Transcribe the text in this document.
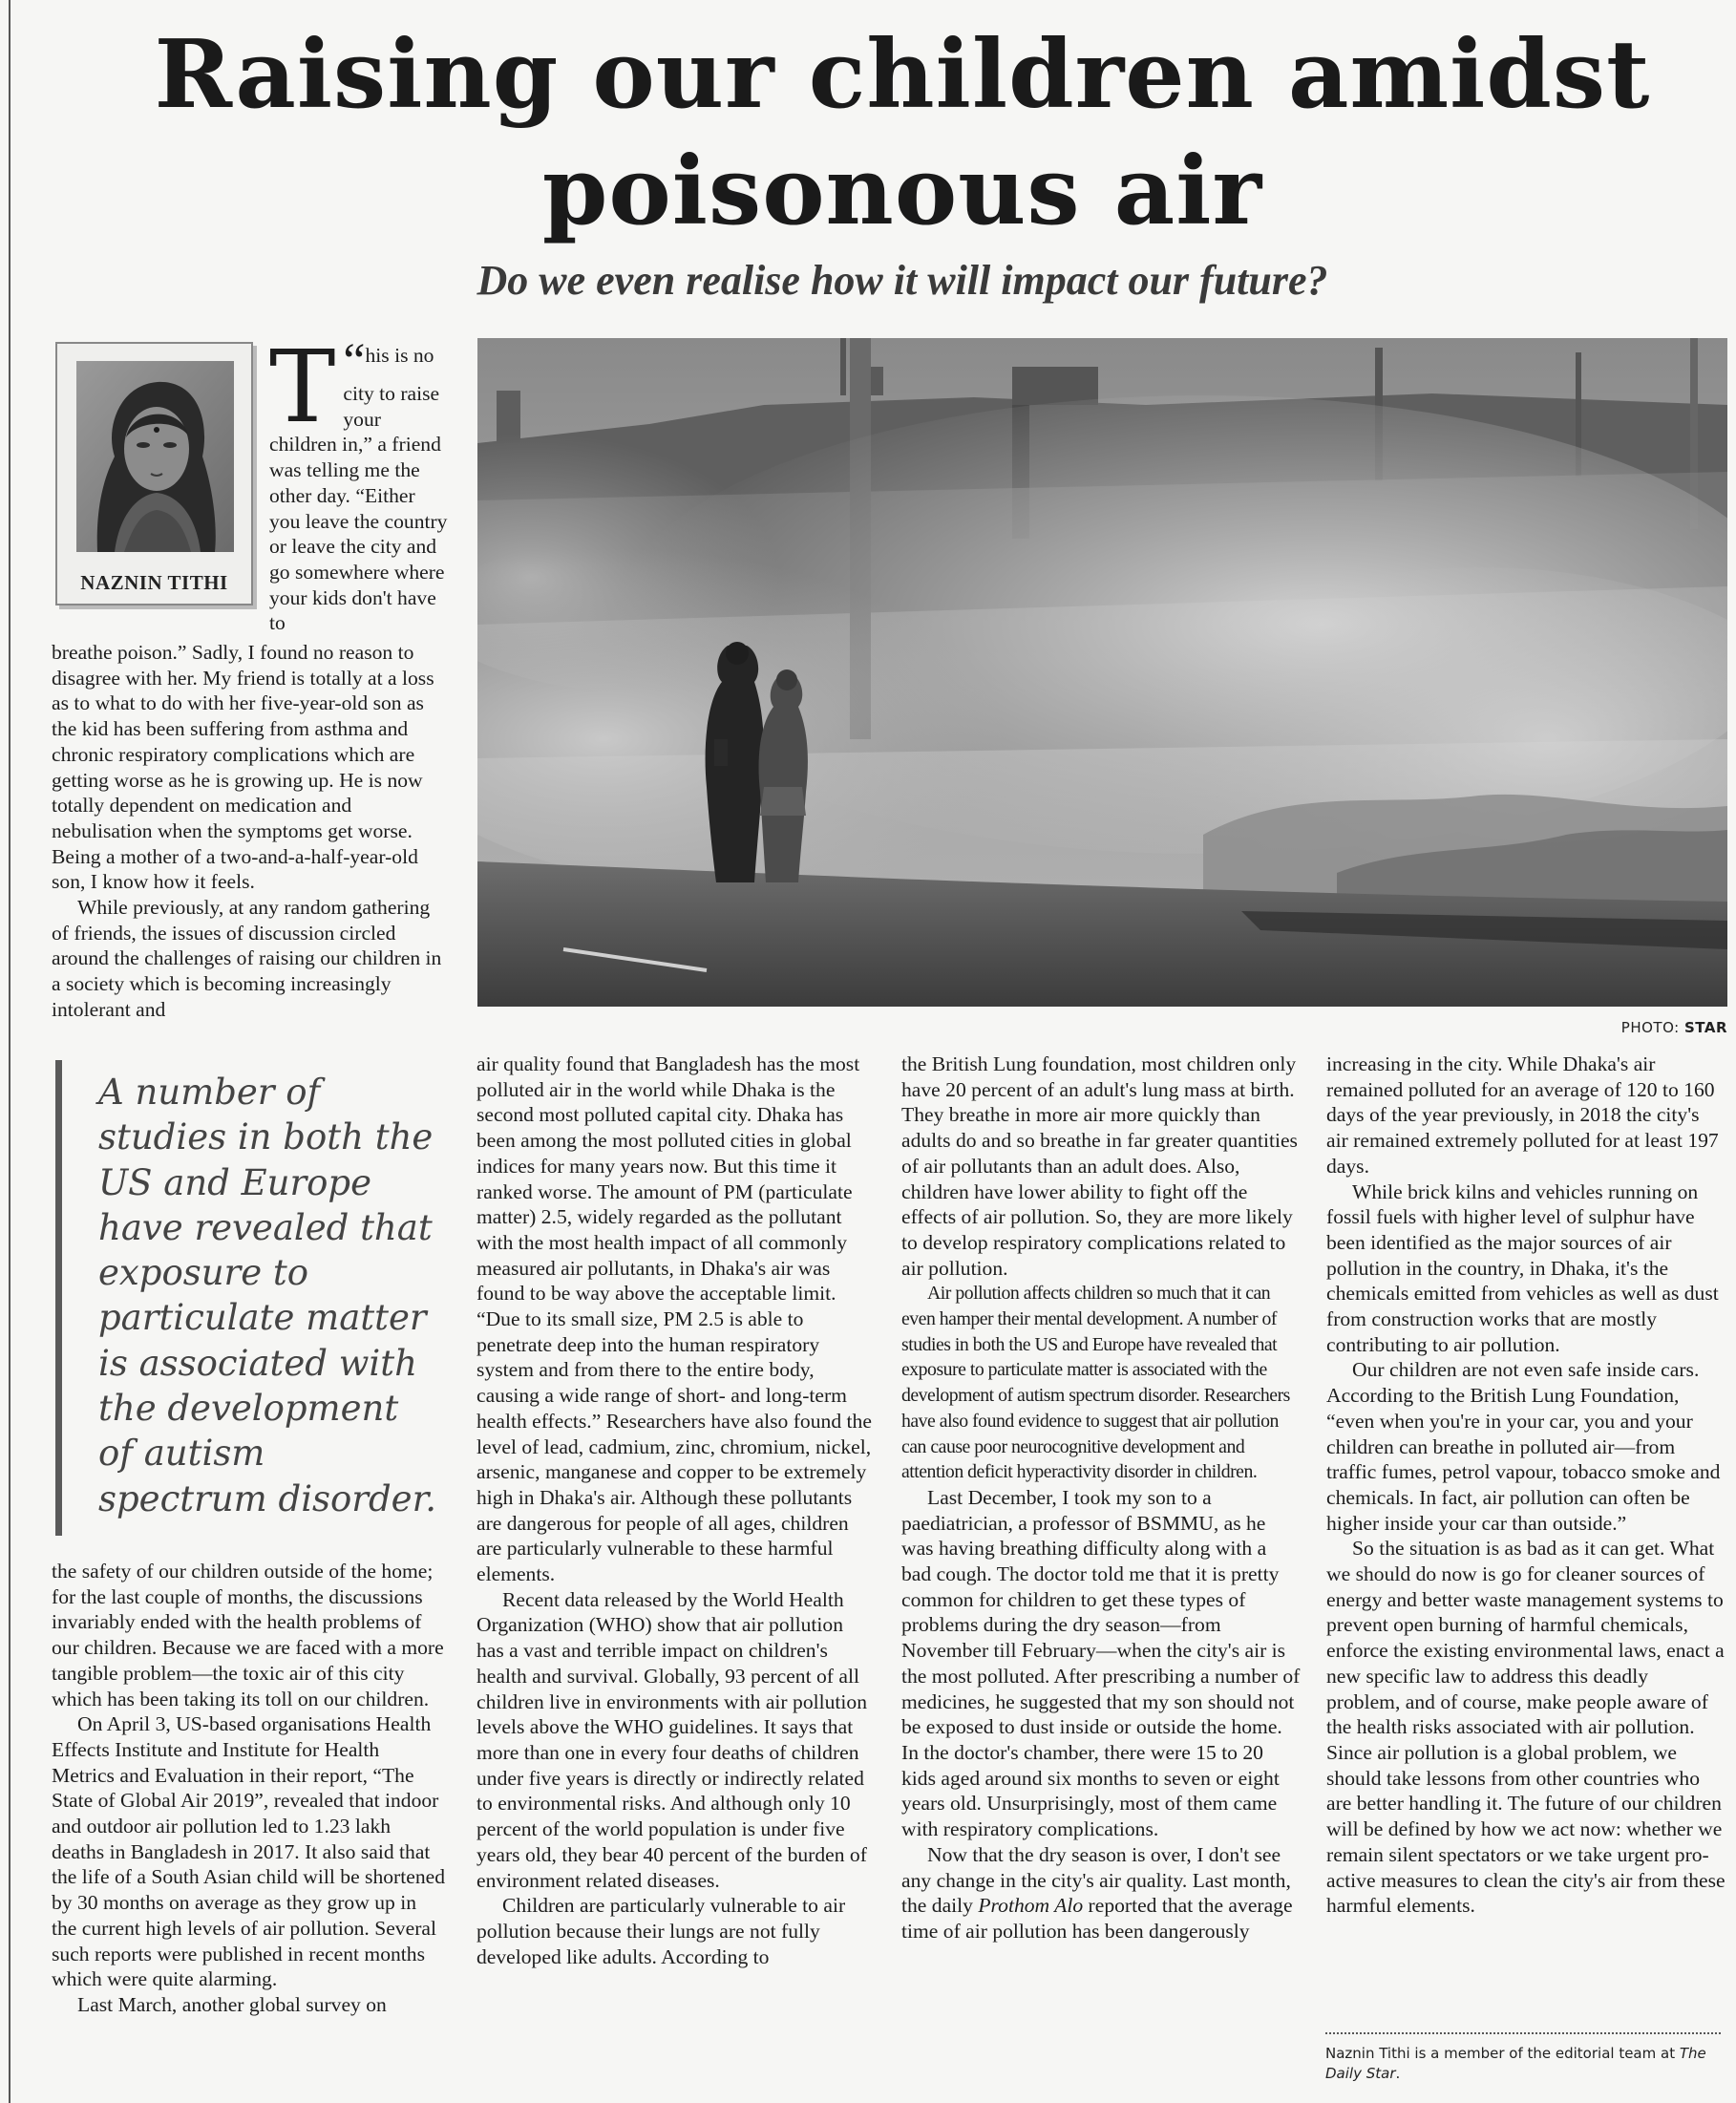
Raising our children amidst
poisonous air
Do we even realise how it will impact our future?
NAZNIN TITHI
“
T his is no city to raise your children in,” a friend was telling me the other day. “Either you leave the country or leave the city and go somewhere where your kids don't have to

breathe poison.” Sadly, I found no reason to disagree with her. My friend is totally at a loss as to what to do with her five-year-old son as the kid has been suffering from asthma and chronic respiratory complications which are getting worse as he is growing up. He is now totally dependent on medication and nebulisation when the symptoms get worse. Being a mother of a two-and-a-half-year-old son, I know how it feels.

While previously, at any random gathering of friends, the issues of discussion circled around the challenges of raising our children in a society which is becoming increasingly intolerant and

PHOTO: STAR
A number of studies in both the US and Europe have revealed that exposure to particulate matter is associated with the development of autism spectrum disorder.

the safety of our children outside of the home; for the last couple of months, the discussions invariably ended with the health problems of our children. Because we are faced with a more tangible problem—the toxic air of this city which has been taking its toll on our children.

On April 3, US-based organisations Health Effects Institute and Institute for Health Metrics and Evaluation in their report, “The State of Global Air 2019”, revealed that indoor and outdoor air pollution led to 1.23 lakh deaths in Bangladesh in 2017. It also said that the life of a South Asian child will be shortened by 30 months on average as they grow up in the current high levels of air pollution. Several such reports were published in recent months which were quite alarming.

Last March, another global survey on

air quality found that Bangladesh has the most polluted air in the world while Dhaka is the second most polluted capital city. Dhaka has been among the most polluted cities in global indices for many years now. But this time it ranked worse. The amount of PM (particulate matter) 2.5, widely regarded as the pollutant with the most health impact of all commonly measured air pollutants, in Dhaka's air was found to be way above the acceptable limit. “Due to its small size, PM 2.5 is able to penetrate deep into the human respiratory system and from there to the entire body, causing a wide range of short- and long-term health effects.” Researchers have also found the level of lead, cadmium, zinc, chromium, nickel, arsenic, manganese and copper to be extremely high in Dhaka's air. Although these pollutants are dangerous for people of all ages, children are particularly vulnerable to these harmful elements.

Recent data released by the World Health Organization (WHO) show that air pollution has a vast and terrible impact on children's health and survival. Globally, 93 percent of all children live in environments with air pollution levels above the WHO guidelines. It says that more than one in every four deaths of children under five years is directly or indirectly related to environmental risks. And although only 10 percent of the world population is under five years old, they bear 40 percent of the burden of environment related diseases.

Children are particularly vulnerable to air pollution because their lungs are not fully developed like adults. According to

the British Lung foundation, most children only have 20 percent of an adult's lung mass at birth. They breathe in more air more quickly than adults do and so breathe in far greater quantities of air pollutants than an adult does. Also, children have lower ability to fight off the effects of air pollution. So, they are more likely to develop respiratory complications related to air pollution.

Air pollution affects children so much that it can even hamper their mental development. A number of studies in both the US and Europe have revealed that exposure to particulate matter is associated with the development of autism spectrum disorder. Researchers have also found evidence to suggest that air pollution can cause poor neurocognitive development and attention deficit hyperactivity disorder in children.

Last December, I took my son to a paediatrician, a professor of BSMMU, as he was having breathing difficulty along with a bad cough. The doctor told me that it is pretty common for children to get these types of problems during the dry season—from November till February—when the city's air is the most polluted. After prescribing a number of medicines, he suggested that my son should not be exposed to dust inside or outside the home. In the doctor's chamber, there were 15 to 20 kids aged around six months to seven or eight years old. Unsurprisingly, most of them came with respiratory complications.

Now that the dry season is over, I don't see any change in the city's air quality. Last month, the daily Prothom Alo reported that the average time of air pollution has been dangerously

increasing in the city. While Dhaka's air remained polluted for an average of 120 to 160 days of the year previously, in 2018 the city's air remained extremely polluted for at least 197 days.

While brick kilns and vehicles running on fossil fuels with higher level of sulphur have been identified as the major sources of air pollution in the country, in Dhaka, it's the chemicals emitted from vehicles as well as dust from construction works that are mostly contributing to air pollution.

Our children are not even safe inside cars. According to the British Lung Foundation, “even when you're in your car, you and your children can breathe in polluted air—from traffic fumes, petrol vapour, tobacco smoke and chemicals. In fact, air pollution can often be higher inside your car than outside.”

So the situation is as bad as it can get. What we should do now is go for cleaner sources of energy and better waste management systems to prevent open burning of harmful chemicals, enforce the existing environmental laws, enact a new specific law to address this deadly problem, and of course, make people aware of the health risks associated with air pollution. Since air pollution is a global problem, we should take lessons from other countries who are better handling it. The future of our children will be defined by how we act now: whether we remain silent spectators or we take urgent pro-active measures to clean the city's air from these harmful elements.

Naznin Tithi is a member of the editorial team at The Daily Star.
